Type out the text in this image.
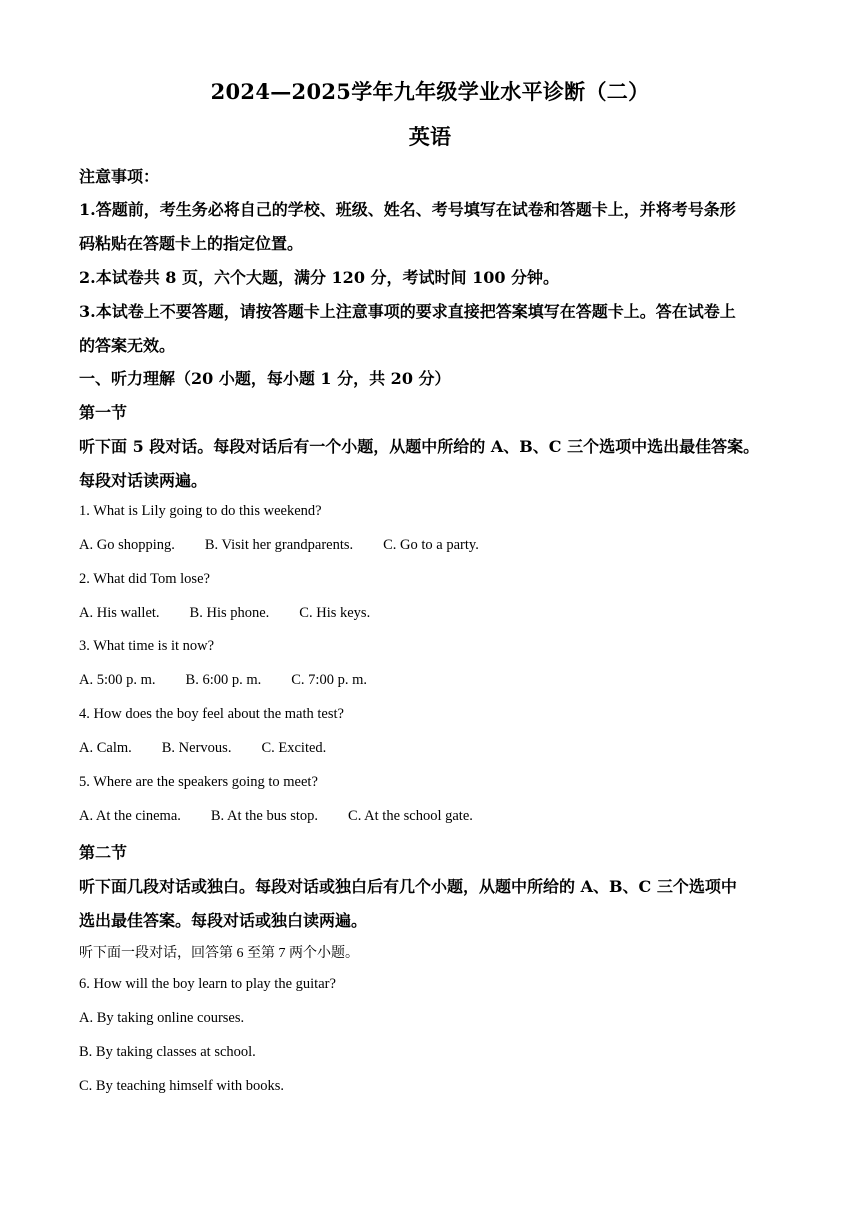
2024—2025学年九年级学业水平诊断（二）
英语
注意事项：
1.答题前，考生务必将自己的学校、班级、姓名、考号填写在试卷和答题卡上，并将考号条形
码粘贴在答题卡上的指定位置。
2.本试卷共 8 页，六个大题，满分 120 分，考试时间 100 分钟。
3.本试卷上不要答题，请按答题卡上注意事项的要求直接把答案填写在答题卡上。答在试卷上
的答案无效。
一、听力理解（20 小题，每小题 1 分，共 20 分）
第一节
听下面 5 段对话。每段对话后有一个小题，从题中所给的 A、B、C 三个选项中选出最佳答案。
每段对话读两遍。
1. What is Lily going to do this weekend?
A. Go shopping. B. Visit her grandparents. C. Go to a party.
2. What did Tom lose?
A. His wallet. B. His phone. C. His keys.
3. What time is it now?
A. 5:00 p. m. B. 6:00 p. m. C. 7:00 p. m.
4. How does the boy feel about the math test?
A. Calm. B. Nervous. C. Excited.
5. Where are the speakers going to meet?
A. At the cinema. B. At the bus stop. C. At the school gate.
第二节
听下面几段对话或独白。每段对话或独白后有几个小题，从题中所给的 A、B、C 三个选项中
选出最佳答案。每段对话或独白读两遍。
听下面一段对话，回答第 6 至第 7 两个小题。
6. How will the boy learn to play the guitar?
A. By taking online courses.
B. By taking classes at school.
C. By teaching himself with books.
